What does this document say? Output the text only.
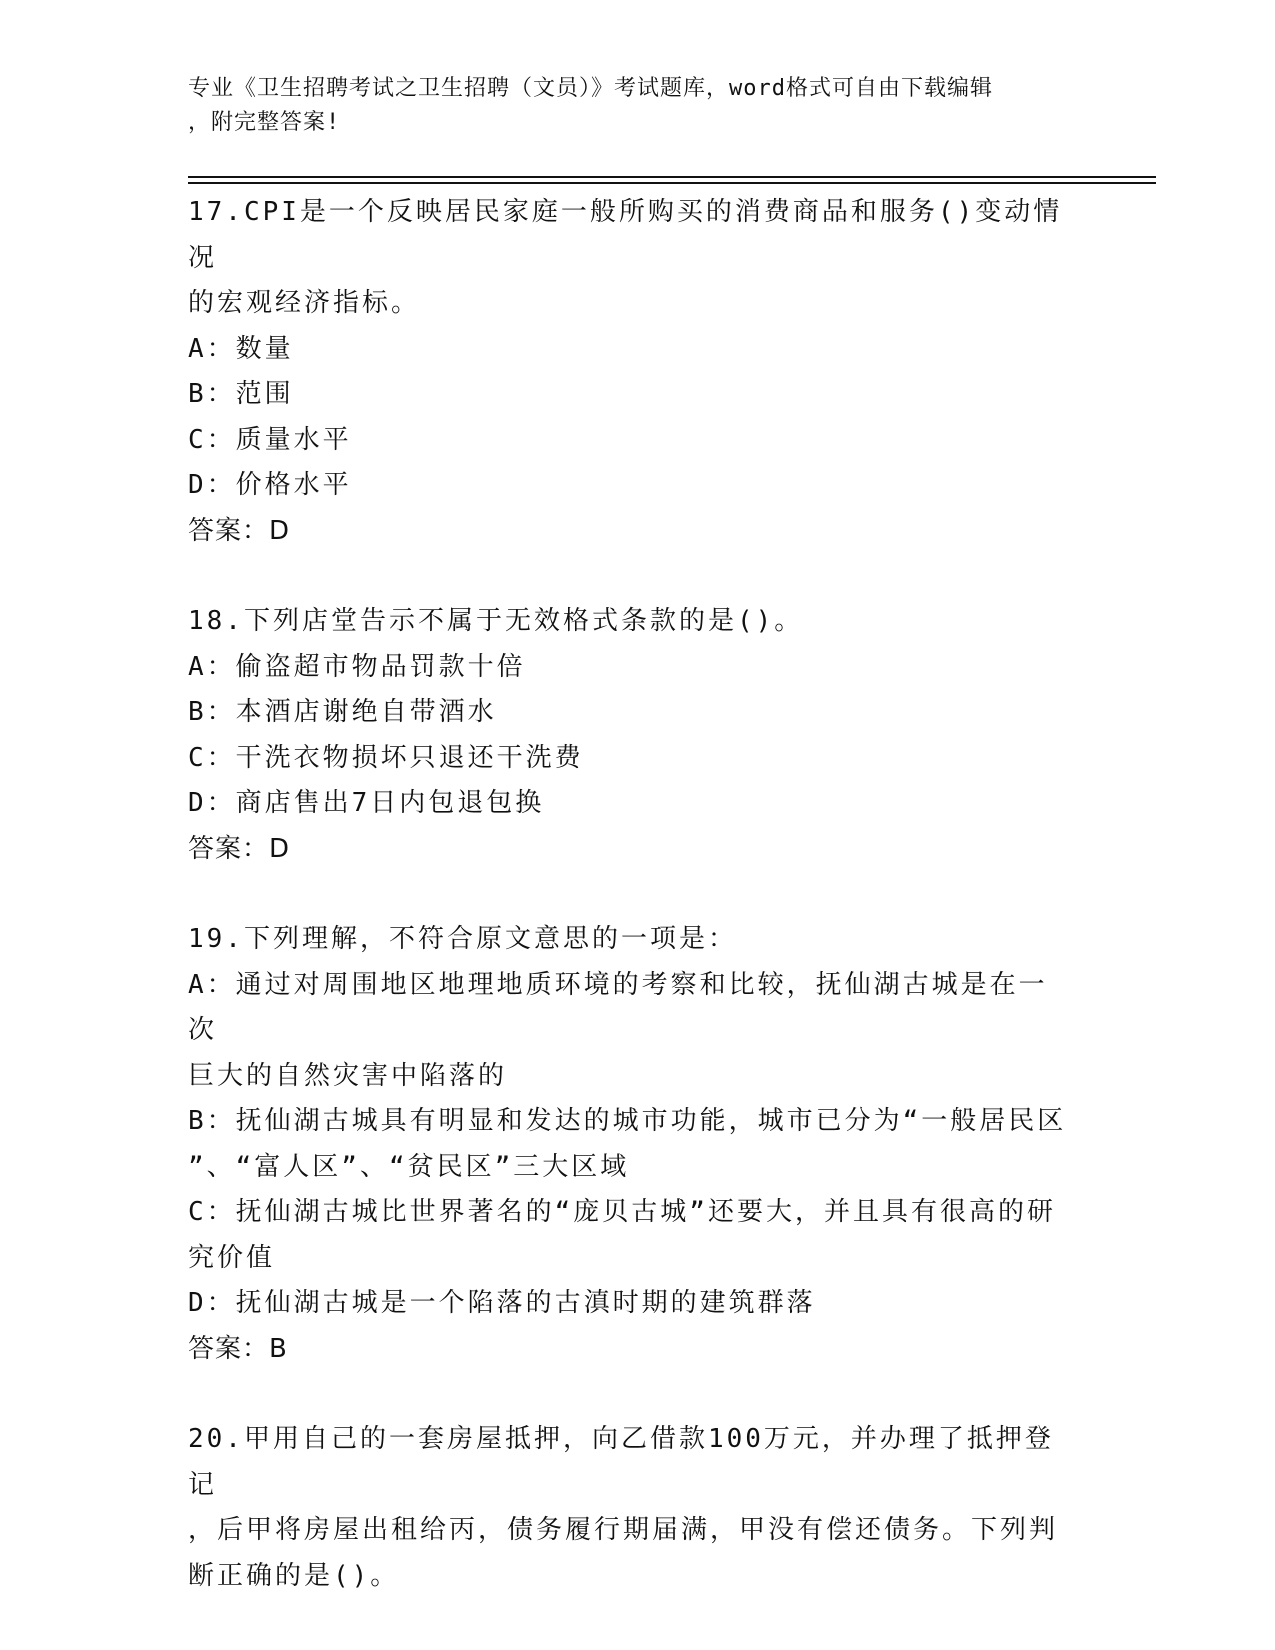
专业《卫生招聘考试之卫生招聘（文员）》考试题库，word格式可自由下载编辑
，附完整答案!
17.CPI是一个反映居民家庭一般所购买的消费商品和服务()变动情况
的宏观经济指标。
A：数量
B：范围
C：质量水平
D：价格水平
答案：D
18.下列店堂告示不属于无效格式条款的是()。
A：偷盗超市物品罚款十倍
B：本酒店谢绝自带酒水
C：干洗衣物损坏只退还干洗费
D：商店售出7日内包退包换
答案：D
19.下列理解，不符合原文意思的一项是：
A：通过对周围地区地理地质环境的考察和比较，抚仙湖古城是在一次
巨大的自然灾害中陷落的
B：抚仙湖古城具有明显和发达的城市功能，城市已分为“一般居民区
”、“富人区”、“贫民区”三大区域
C：抚仙湖古城比世界著名的“庞贝古城”还要大，并且具有很高的研
究价值
D：抚仙湖古城是一个陷落的古滇时期的建筑群落
答案：B
20.甲用自己的一套房屋抵押，向乙借款100万元，并办理了抵押登记
，后甲将房屋出租给丙，债务履行期届满，甲没有偿还债务。下列判
断正确的是()。
